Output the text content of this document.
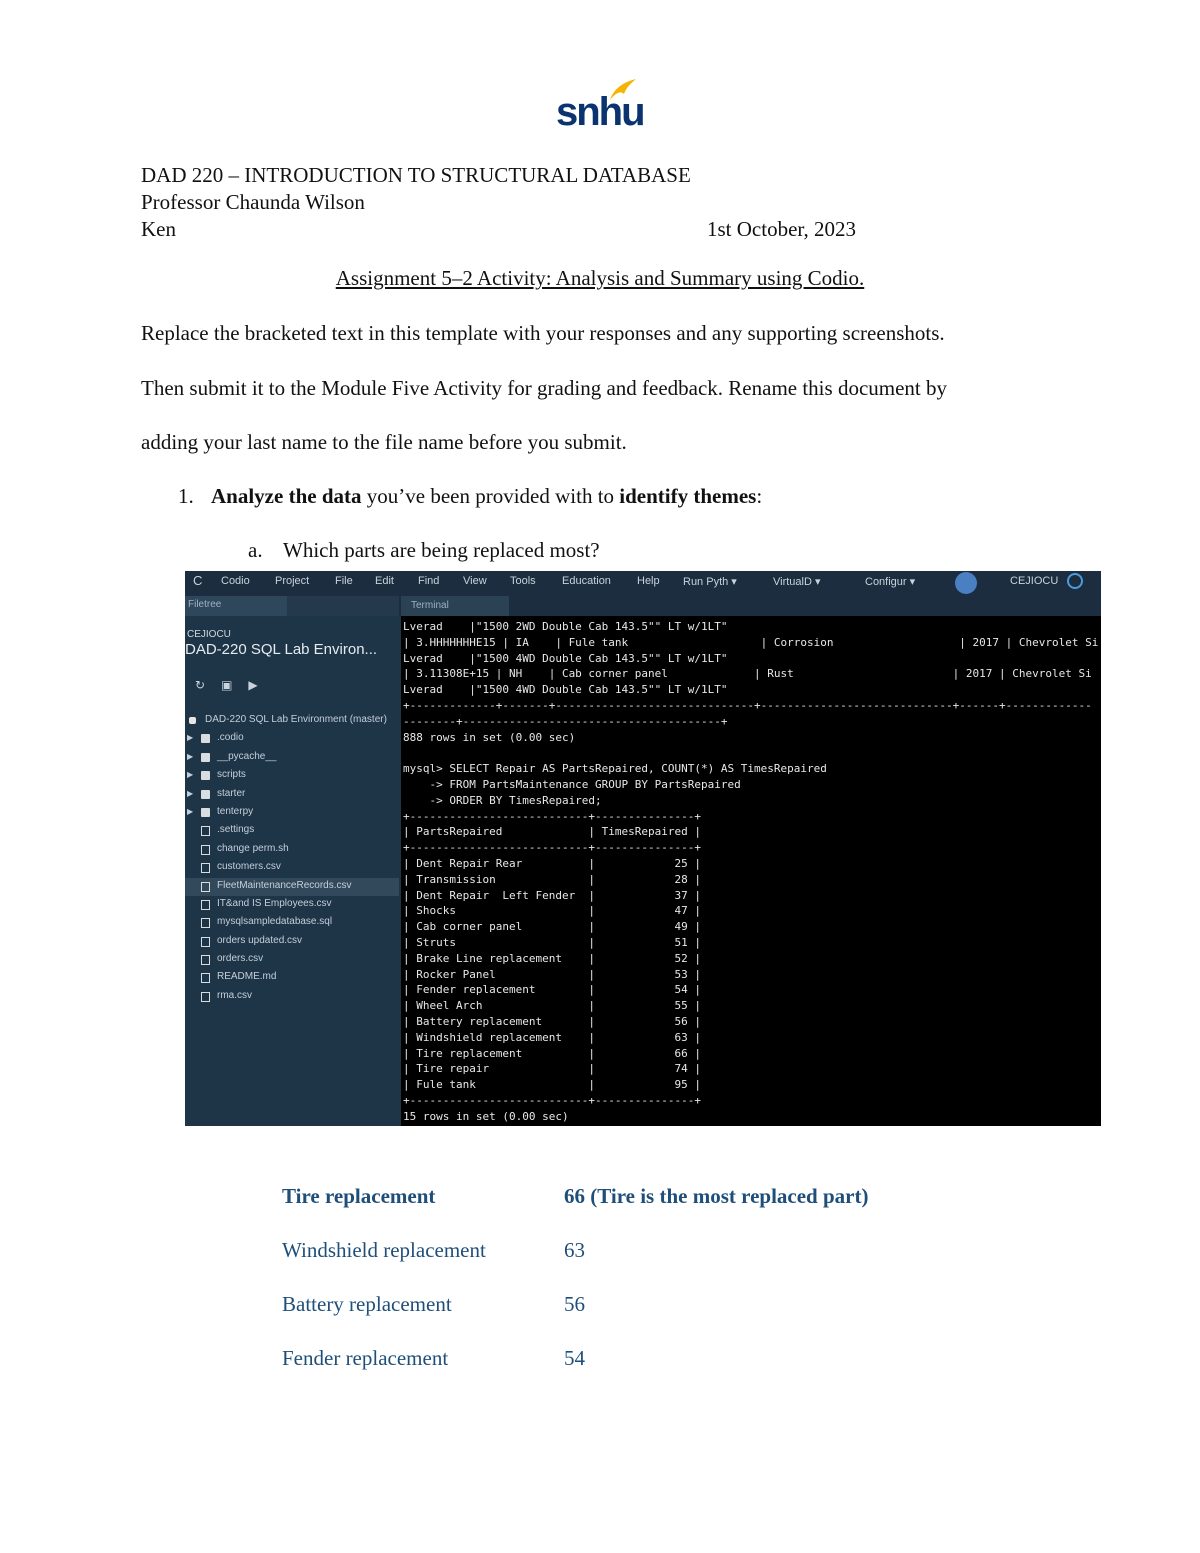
snhu
DAD 220 – INTRODUCTION TO STRUCTURAL DATABASE
Professor Chaunda Wilson
Ken	1st October, 2023
Assignment 5–2 Activity: Analysis and Summary using Codio.
Replace the bracketed text in this template with your responses and any supporting screenshots.
Then submit it to the Module Five Activity for grading and feedback. Rename this document by
adding your last name to the file name before you submit.
1. Analyze the data you’ve been provided with to identify themes:
a. Which parts are being replaced most?
C Codio Project File Edit Find View Tools Education Help Run Pyth ▾	VirtualD ▾	Configur ▾	CEJIOCU
Filetree
CEJIOCU
DAD-220 SQL Lab Environ...
↻ ▣ ▶
DAD-220 SQL Lab Environment (master)
▶ .codio
▶ __pycache__
▶ scripts
▶ starter
▶ tenterpy
.settings
change perm.sh
customers.csv
FleetMaintenanceRecords.csv
IT&and IS Employees.csv
mysqlsampledatabase.sql
orders updated.csv
orders.csv
README.md
rma.csv
Terminal
Lverad    |"1500 2WD Double Cab 143.5"" LT w/1LT"
| 3.HHHHHHHE15 | IA    | Fule tank                    | Corrosion                   | 2017 | Chevrolet Si
Lverad    |"1500 4WD Double Cab 143.5"" LT w/1LT"
| 3.11308E+15 | NH    | Cab corner panel             | Rust                        | 2017 | Chevrolet Si
Lverad    |"1500 4WD Double Cab 143.5"" LT w/1LT"
+-------------+-------+------------------------------+-----------------------------+------+-------------
--------+---------------------------------------+
888 rows in set (0.00 sec)
mysql> SELECT Repair AS PartsRepaired, COUNT(*) AS TimesRepaired
-> FROM PartsMaintenance GROUP BY PartsRepaired
-> ORDER BY TimesRepaired;
+---------------------------+---------------+
| PartsRepaired             | TimesRepaired |
+---------------------------+---------------+
| Dent Repair Rear          |            25 |
| Transmission              |            28 |
| Dent Repair  Left Fender  |            37 |
| Shocks                    |            47 |
| Cab corner panel          |            49 |
| Struts                    |            51 |
| Brake Line replacement    |            52 |
| Rocker Panel              |            53 |
| Fender replacement        |            54 |
| Wheel Arch                |            55 |
| Battery replacement       |            56 |
| Windshield replacement    |            63 |
| Tire replacement          |            66 |
| Tire repair               |            74 |
| Fule tank                 |            95 |
+---------------------------+---------------+
15 rows in set (0.00 sec)
Tire replacement	66 (Tire is the most replaced part)
Windshield replacement	63
Battery replacement	56
Fender replacement	54
